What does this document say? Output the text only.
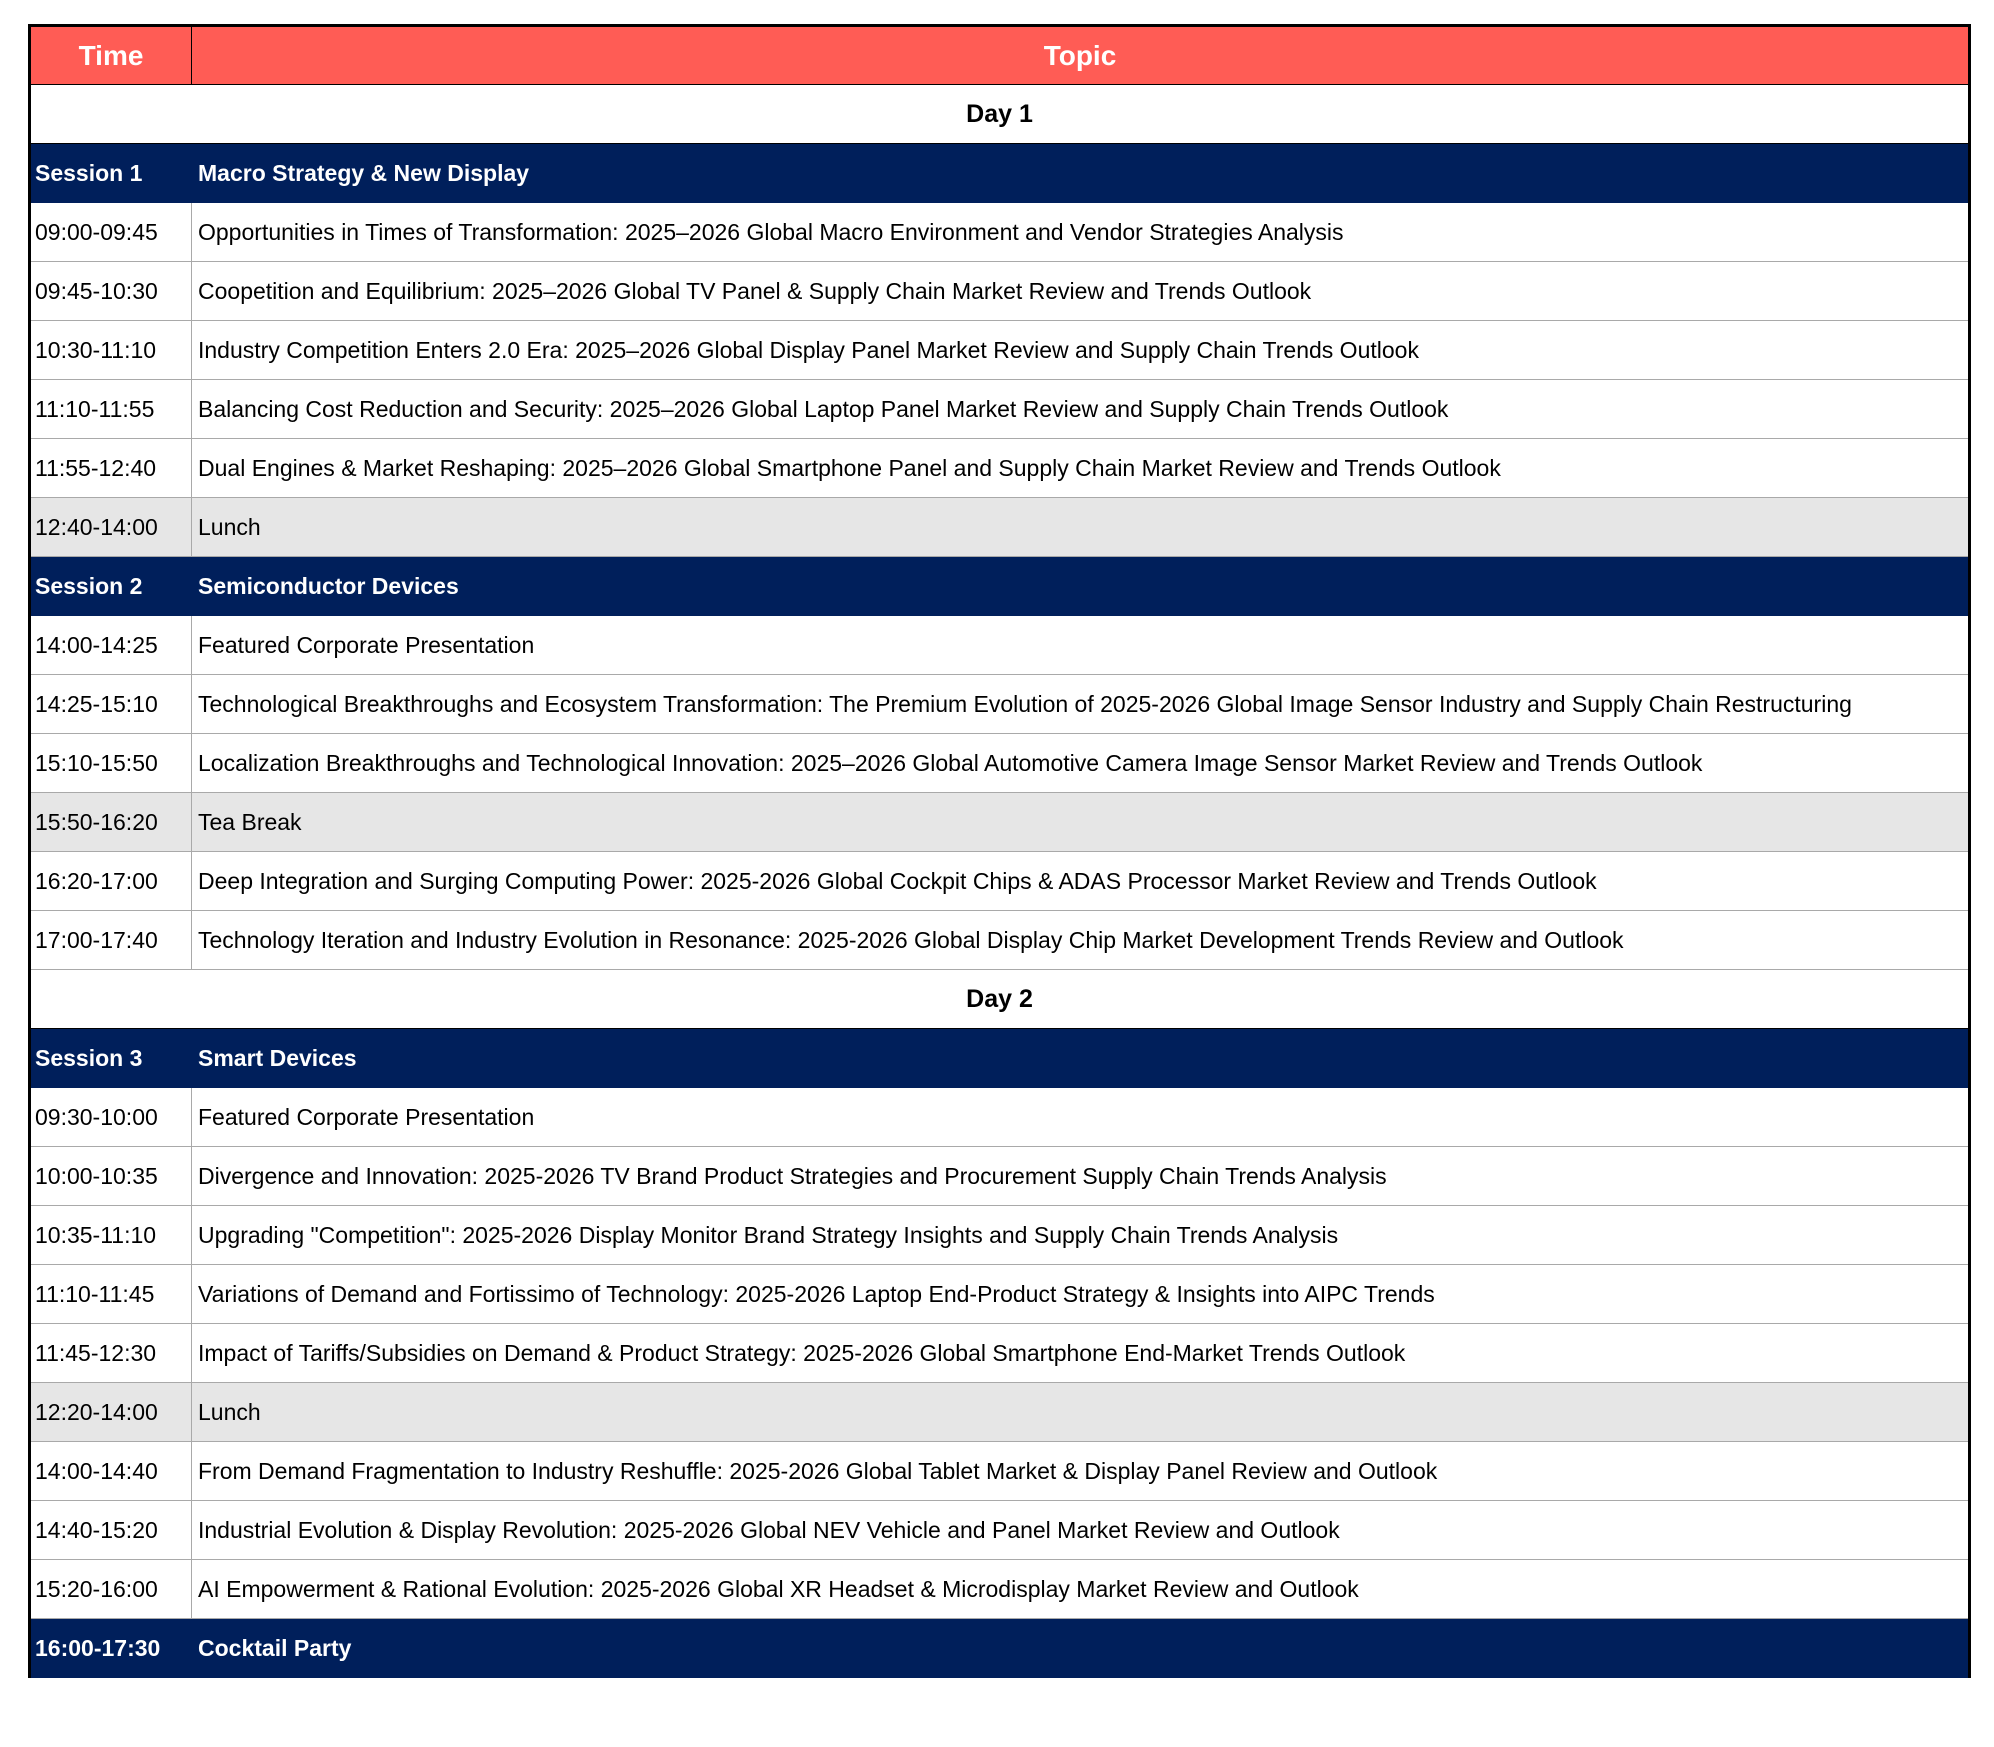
Time	Topic
Day 1	
Session 1	Macro Strategy & New Display
09:00-09:45	Opportunities in Times of Transformation: 2025–2026 Global Macro Environment and Vendor Strategies Analysis
09:45-10:30	Coopetition and Equilibrium: 2025–2026 Global TV Panel & Supply Chain Market Review and Trends Outlook
10:30-11:10	Industry Competition Enters 2.0 Era: 2025–2026 Global Display Panel Market Review and Supply Chain Trends Outlook
11:10-11:55	Balancing Cost Reduction and Security: 2025–2026 Global Laptop Panel Market Review and Supply Chain Trends Outlook
11:55-12:40	Dual Engines & Market Reshaping: 2025–2026 Global Smartphone Panel and Supply Chain Market Review and Trends Outlook
12:40-14:00	Lunch
Session 2	Semiconductor Devices
14:00-14:25	Featured Corporate Presentation
14:25-15:10	Technological Breakthroughs and Ecosystem Transformation: The Premium Evolution of 2025-2026 Global Image Sensor Industry and Supply Chain Restructuring
15:10-15:50	Localization Breakthroughs and Technological Innovation: 2025–2026 Global Automotive Camera Image Sensor Market Review and Trends Outlook
15:50-16:20	Tea Break
16:20-17:00	Deep Integration and Surging Computing Power: 2025-2026 Global Cockpit Chips & ADAS Processor Market Review and Trends Outlook
17:00-17:40	Technology Iteration and Industry Evolution in Resonance: 2025-2026 Global Display Chip Market Development Trends Review and Outlook
Day 2	
Session 3	Smart Devices
09:30-10:00	Featured Corporate Presentation
10:00-10:35	Divergence and Innovation: 2025-2026 TV Brand Product Strategies and Procurement Supply Chain Trends Analysis
10:35-11:10	Upgrading "Competition": 2025-2026 Display Monitor Brand Strategy Insights and Supply Chain Trends Analysis
11:10-11:45	Variations of Demand and Fortissimo of Technology: 2025-2026 Laptop End-Product Strategy & Insights into AIPC Trends
11:45-12:30	Impact of Tariffs/Subsidies on Demand & Product Strategy: 2025-2026 Global Smartphone End-Market Trends Outlook
12:20-14:00	Lunch
14:00-14:40	From Demand Fragmentation to Industry Reshuffle: 2025-2026 Global Tablet Market & Display Panel Review and Outlook
14:40-15:20	Industrial Evolution & Display Revolution: 2025-2026 Global NEV Vehicle and Panel Market Review and Outlook
15:20-16:00	AI Empowerment & Rational Evolution: 2025-2026 Global XR Headset & Microdisplay Market Review and Outlook
16:00-17:30	Cocktail Party
